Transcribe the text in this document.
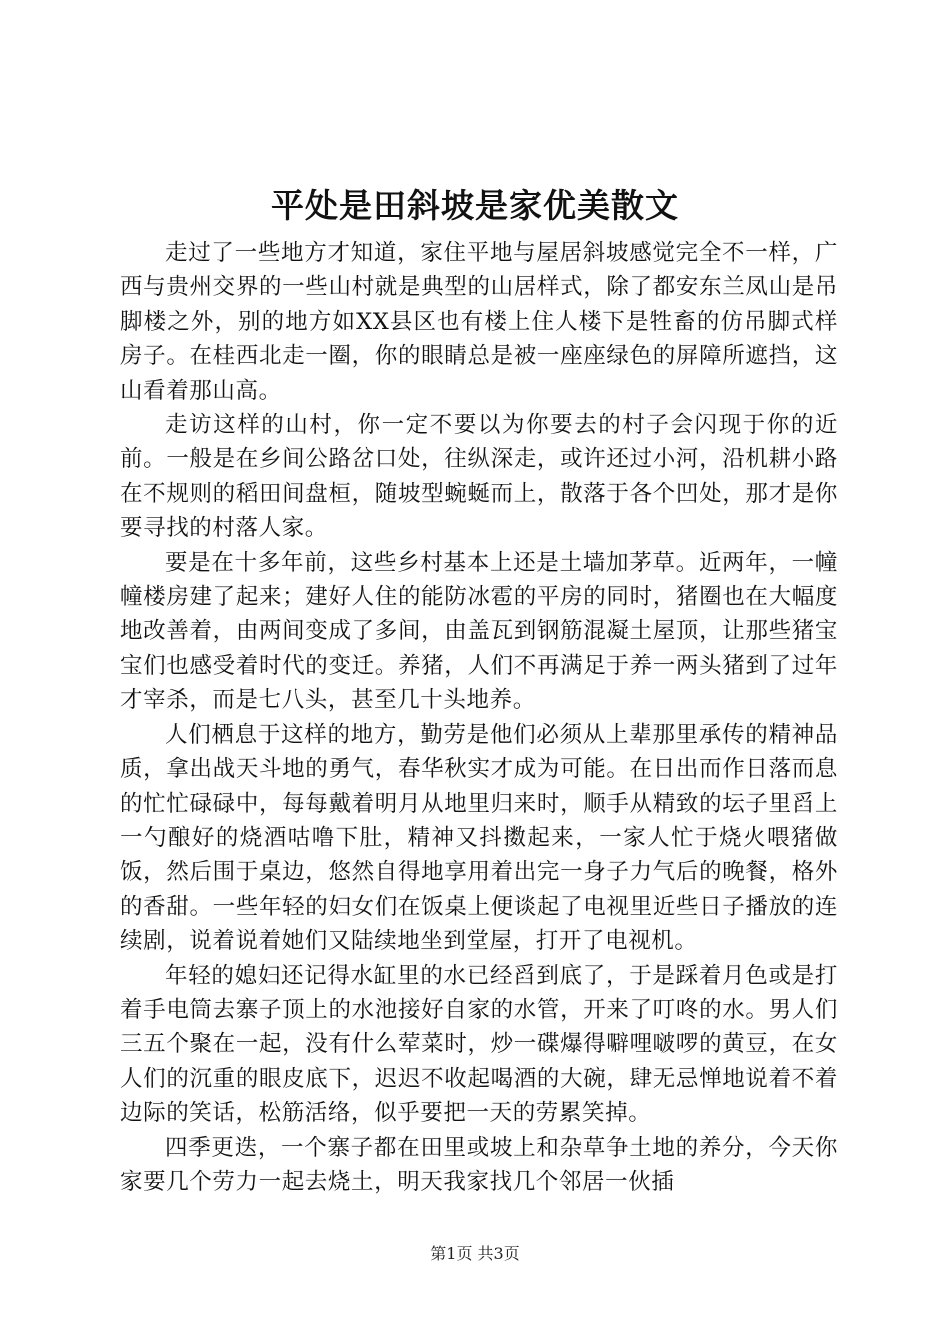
平处是田斜坡是家优美散文

走过了一些地方才知道，家住平地与屋居斜坡感觉完全不一样，广西与贵州交界的一些山村就是典型的山居样式，除了都安东兰凤山是吊脚楼之外，别的地方如XX县区也有楼上住人楼下是牲畜的仿吊脚式样房子。在桂西北走一圈，你的眼睛总是被一座座绿色的屏障所遮挡，这山看着那山高。

走访这样的山村，你一定不要以为你要去的村子会闪现于你的近前。一般是在乡间公路岔口处，往纵深走，或许还过小河，沿机耕小路在不规则的稻田间盘桓，随坡型蜿蜒而上，散落于各个凹处，那才是你要寻找的村落人家。

要是在十多年前，这些乡村基本上还是土墙加茅草。近两年，一幢幢楼房建了起来；建好人住的能防冰雹的平房的同时，猪圈也在大幅度地改善着，由两间变成了多间，由盖瓦到钢筋混凝土屋顶，让那些猪宝宝们也感受着时代的变迁。养猪，人们不再满足于养一两头猪到了过年才宰杀，而是七八头，甚至几十头地养。

人们栖息于这样的地方，勤劳是他们必须从上辈那里承传的精神品质，拿出战天斗地的勇气，春华秋实才成为可能。在日出而作日落而息的忙忙碌碌中，每每戴着明月从地里归来时，顺手从精致的坛子里舀上一勺酿好的烧酒咕噜下肚，精神又抖擞起来，一家人忙于烧火喂猪做饭，然后围于桌边，悠然自得地享用着出完一身子力气后的晚餐，格外的香甜。一些年轻的妇女们在饭桌上便谈起了电视里近些日子播放的连续剧，说着说着她们又陆续地坐到堂屋，打开了电视机。

年轻的媳妇还记得水缸里的水已经舀到底了，于是踩着月色或是打着手电筒去寨子顶上的水池接好自家的水管，开来了叮咚的水。男人们三五个聚在一起，没有什么荤菜时，炒一碟爆得噼哩啵啰的黄豆，在女人们的沉重的眼皮底下，迟迟不收起喝酒的大碗，肆无忌惮地说着不着边际的笑话，松筋活络，似乎要把一天的劳累笑掉。

四季更迭，一个寨子都在田里或坡上和杂草争土地的养分，今天你家要几个劳力一起去烧土，明天我家找几个邻居一伙插

第1页 共3页
